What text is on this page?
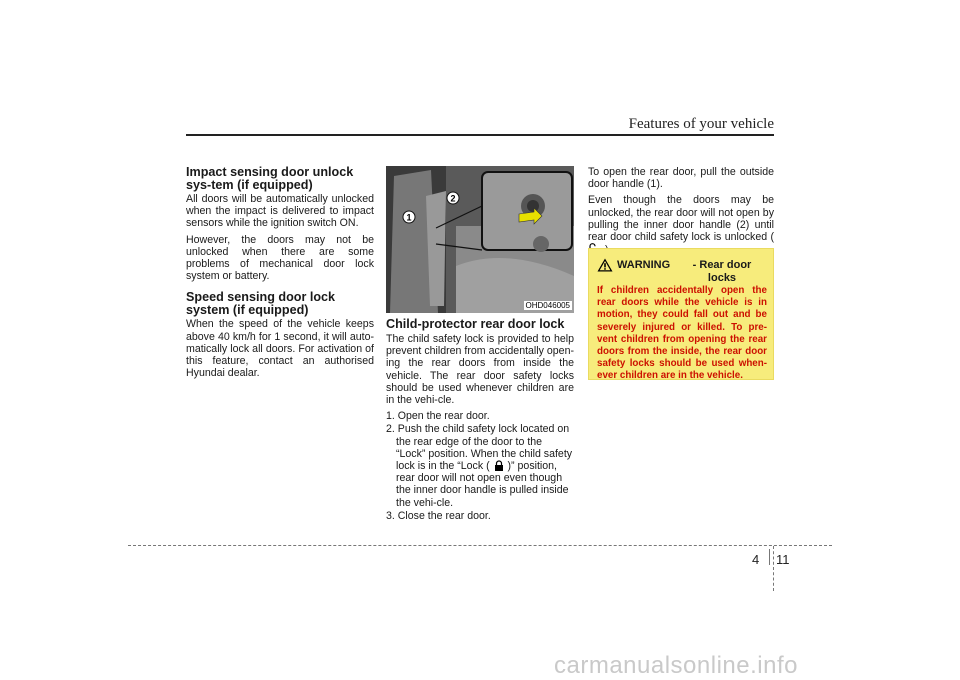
Features of your vehicle
Impact sensing door unlock sys-tem (if equipped)

All doors will be automatically unlocked when the impact is delivered to impact sensors while the ignition switch ON.

However, the doors may not be unlocked when there are some problems of mechanical door lock system or battery.

Speed sensing door lock system (if equipped)

When the speed of the vehicle keeps above 40 km/h for 1 second, it will auto-matically lock all doors. For activation of this feature, contact an authorised Hyundai dealar.

1
2
OHD046005
Child-protector rear door lock

The child safety lock is provided to help prevent children from accidentally open-ing the rear doors from inside the vehicle. The rear door safety locks should be used whenever children are in the vehi-cle.

1. Open the rear door.
2. Push the child safety lock located on the rear edge of the door to the “Lock” position. When the child safety lock is in the “Lock ( )” position, rear door will not open even though the inner door handle is pulled inside the vehi-cle.
3. Close the rear door.

To open the rear door, pull the outside door handle (1).

Even though the doors may be unlocked, the rear door will not open by pulling the inner door handle (2) until rear door child safety lock is unlocked (

WARNING	- Rear door locks
If children accidentally open the rear doors while the vehicle is in motion, they could fall out and be severely injured or killed. To pre-vent children from opening the rear doors from the inside, the rear door safety locks should be used when-ever children are in the vehicle.
4 11
carmanualsonline.info
